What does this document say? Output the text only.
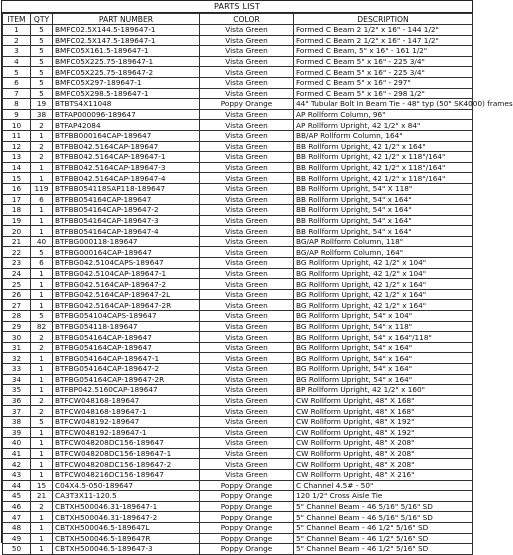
PARTS LIST
ITEM	QTY	PART NUMBER	COLOR	DESCRIPTION
1	5	BMFC02.5X144.5-189647-1	Vista Green	Formed C Beam 2 1/2" x 16" - 144 1/2"
2	5	BMFC02.5X147.5-189647-1	Vista Green	Formed C Beam 2 1/2" x 16" - 147 1/2"
3	5	BMFC05X161.5-189647-1	Vista Green	Formed C Beam, 5" x 16" - 161 1/2"
4	5	BMFC05X225.75-189647-1	Vista Green	Formed C Beam 5" x 16" - 225 3/4"
5	5	BMFC05X225.75-189647-2	Vista Green	Formed C Beam 5" x 16" - 225 3/4"
6	5	BMFC05X297-189647-1	Vista Green	Formed C Beam 5" x 16" - 297"
7	5	BMFC05X298.5-189647-1	Vista Green	Formed C Beam 5" x 16" - 298 1/2"
8	19	BTBTS4X11048	Poppy Orange	44" Tubular Bolt In Beam Tie - 48" typ (50" SK4000) frames
9	38	BTFAP000096-189647	Vista Green	AP Rollform Column, 96"
10	2	BTFAP42084	Vista Green	AP Rollform Upright, 42 1/2" x 84"
11	1	BTFBB000164CAP-189647	Vista Green	BB/AP Rollform Column, 164"
12	2	BTFBB042.5164CAP-189647	Vista Green	BB Rollform Upright, 42 1/2" x 164"
13	2	BTFBB042.5164CAP-189647-1	Vista Green	BB Rollform Upright, 42 1/2" x 118"/164"
14	1	BTFBB042.5164CAP-189647-3	Vista Green	BB Rollform Upright, 42 1/2" x 118"/164"
15	1	BTFBB042.5164CAP-189647-4	Vista Green	BB Rollform Upright, 42 1/2" x 118"/164"
16	119	BTFBB054118SAP118-189647	Vista Green	BB Rollform Upright, 54" X 118"
17	6	BTFBB054164CAP-189647	Vista Green	BB Rollform Upright, 54" x 164"
18	1	BTFBB054164CAP-189647-2	Vista Green	BB Rollform Upright, 54" x 164"
19	1	BTFBB054164CAP-189647-3	Vista Green	BB Rollform Upright, 54" x 164"
20	1	BTFBB054164CAP-189647-4	Vista Green	BB Rollform Upright, 54" x 164"
21	40	BTFBG000118-189647	Vista Green	BG/AP Rollform Column, 118"
22	5	BTFBG000164CAP-189647	Vista Green	BG/AP Rollform Column, 164"
23	6	BTFBG042.5104CAPS-189647	Vista Green	BG Rollform Upright, 42 1/2" x 104"
24	1	BTFBG042.5104CAP-189647-1	Vista Green	BG Rollform Upright, 42 1/2" x 104"
25	1	BTFBG042.5164CAP-189647-2	Vista Green	BG Rollform Upright, 42 1/2" x 164"
26	1	BTFBG042.5164CAP-189647-2L	Vista Green	BG Rollform Upright, 42 1/2" x 164"
27	1	BTFBG042.5164CAP-189647-2R	Vista Green	BG Rollform Upright, 42 1/2" x 164"
28	5	BTFBG054104CAPS-189647	Vista Green	BG Rollform Upright, 54" x 104"
29	82	BTFBG054118-189647	Vista Green	BG Rollform Upright, 54" x 118"
30	2	BTFBG054164CAP-189647	Vista Green	BG Rollform Upright, 54" x 164"/118"
31	2	BTFBG054164CAP-189647	Vista Green	BG Rollform Upright, 54" x 164"
32	1	BTFBG054164CAP-189647-1	Vista Green	BG Rollform Upright, 54" x 164"
33	1	BTFBG054164CAP-189647-2	Vista Green	BG Rollform Upright, 54" x 164"
34	1	BTFBG054164CAP-189647-2R	Vista Green	BG Rollform Upright, 54" x 164"
35	1	BTFBP042.5160CAP-189647	Vista Green	BP Rollform Upright, 42 1/2" x 160"
36	2	BTFCW048168-189647	Vista Green	CW Rollform Upright, 48" X 168"
37	2	BTFCW048168-189647-1	Vista Green	CW Rollform Upright, 48" X 168"
38	5	BTFCW048192-189647	Vista Green	CW Rollform Upright, 48" X 192"
39	1	BTFCW048192-189647-1	Vista Green	CW Rollform Upright, 48" X 192"
40	1	BTFCW048208DC156-189647	Vista Green	CW Rollform Upright, 48" X 208"
41	1	BTFCW048208DC156-189647-1	Vista Green	CW Rollform Upright, 48" X 208"
42	1	BTFCW048208DC156-189647-2	Vista Green	CW Rollform Upright, 48" X 208"
43	1	BTFCW048216DC156-189647	Vista Green	CW Rollform Upright, 48" X 216"
44	15	C04X4.5-050-189647	Poppy Orange	C Channel 4.5# - 50"
45	21	CA3T3X11-120.5	Poppy Orange	120 1/2" Cross Aisle Tie
46	2	CBTXH500046.31-189647-1	Poppy Orange	5" Channel Beam - 46 5/16" 5/16" SD
47	1	CBTXH500046.31-189647-2	Poppy Orange	5" Channel Beam - 46 5/16" 5/16" SD
48	1	CBTXH500046.5-189647L	Poppy Orange	5" Channel Beam - 46 1/2" 5/16" SD
49	1	CBTXH500046.5-189647R	Poppy Orange	5" Channel Beam - 46 1/2" 5/16" SD
50	1	CBTXH500046.5-189647-3	Poppy Orange	5" Channel Beam - 46 1/2" 5/16" SD
